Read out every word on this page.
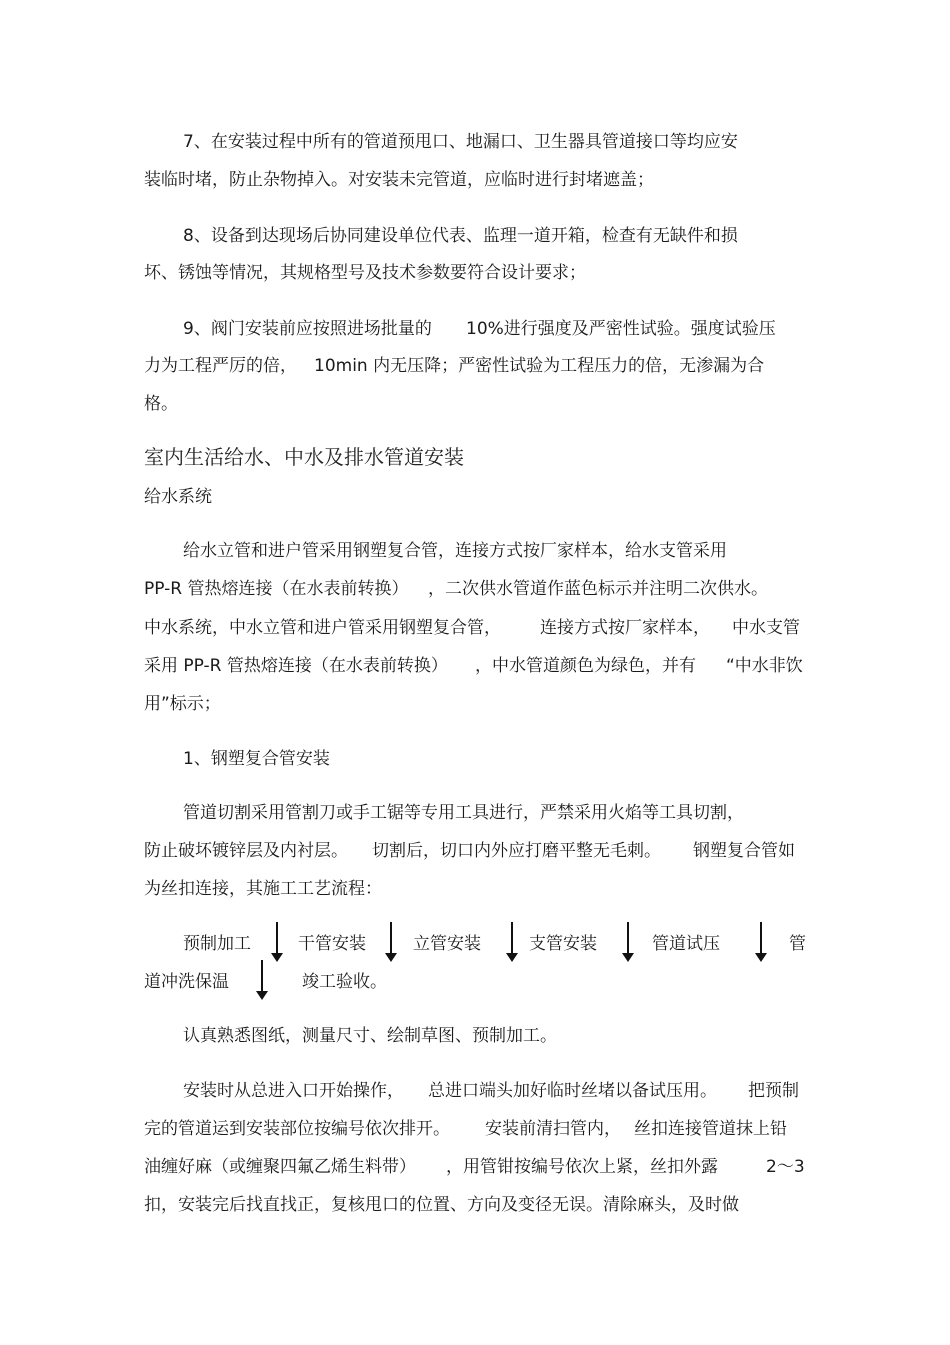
7、在安装过程中所有的管道预甩口、地漏口、卫生器具管道接口等均应安
装临时堵，防止杂物掉入。对安装未完管道，应临时进行封堵遮盖；
8、设备到达现场后协同建设单位代表、监理一道开箱，检查有无缺件和损
坏、锈蚀等情况，其规格型号及技术参数要符合设计要求；
9、阀门安装前应按照进场批量的 10%进行强度及严密性试验。强度试验压
力为工程严厉的倍， 10min 内无压降；严密性试验为工程压力的倍，无渗漏为合
格。
室内生活给水、中水及排水管道安装
给水系统
给水立管和进户管采用钢塑复合管，连接方式按厂家样本，给水支管采用
PP-R 管热熔连接（在水表前转换） ，二次供水管道作蓝色标示并注明二次供水。
中水系统，中水立管和进户管采用钢塑复合管， 连接方式按厂家样本， 中水支管
采用 PP-R 管热熔连接（在水表前转换） ，中水管道颜色为绿色，并有 “中水非饮
用”标示；
1、钢塑复合管安装
管道切割采用管割刀或手工锯等专用工具进行，严禁采用火焰等工具切割，
防止破坏镀锌层及内衬层。 切割后，切口内外应打磨平整无毛刺。 钢塑复合管如
为丝扣连接，其施工工艺流程：
预制加工	干管安装	立管安装	支管安装	管道试压	管
道冲洗保温	竣工验收。
认真熟悉图纸，测量尺寸、绘制草图、预制加工。
安装时从总进入口开始操作， 总进口端头加好临时丝堵以备试压用。 把预制
完的管道运到安装部位按编号依次排开。 安装前清扫管内， 丝扣连接管道抹上铅
油缠好麻（或缠聚四氟乙烯生料带） ，用管钳按编号依次上紧，丝扣外露	2～3
扣，安装完后找直找正，复核甩口的位置、方向及变径无误。清除麻头，及时做
